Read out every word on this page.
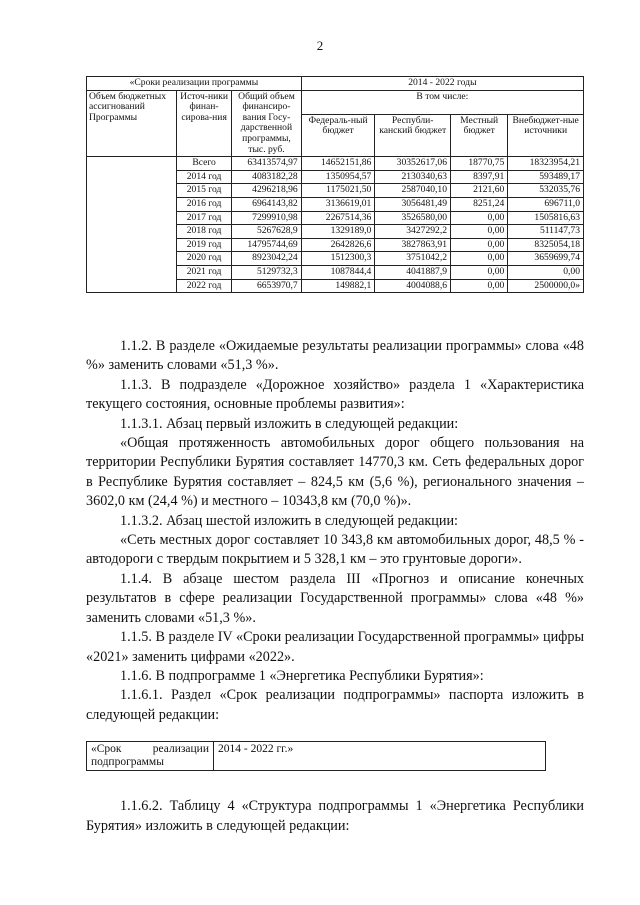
2
«Сроки реализации программы			2014 - 2022 годы			
Объем бюджетных ассигнований Программы	Источ-ники финан-сирова-ния	Общий объем финансиро-вания Госу-дарственной программы, тыс. руб.	В том числе:			
			Федераль-ный бюджет	Республи-канский бюджет	Местный бюджет	Внебюджет-ные источники
	Всего	63413574,97	14652151,86	30352617,06	18770,75	18323954,21
	2014 год	4083182,28	1350954,57	2130340,63	8397,91	593489,17
	2015 год	4296218,96	1175021,50	2587040,10	2121,60	532035,76
	2016 год	6964143,82	3136619,01	3056481,49	8251,24	696711,0
	2017 год	7299910,98	2267514,36	3526580,00	0,00	1505816,63
	2018 год	5267628,9	1329189,0	3427292,2	0,00	511147,73
	2019 год	14795744,69	2642826,6	3827863,91	0,00	8325054,18
	2020 год	8923042,24	1512300,3	3751042,2	0,00	3659699,74
	2021 год	5129732,3	1087844,4	4041887,9	0,00	0,00
	2022 год	6653970,7	149882,1	4004088,6	0,00	2500000,0»

1.1.2. В разделе «Ожидаемые результаты реализации программы» слова «48 %» заменить словами «51,3 %».

1.1.3. В подразделе «Дорожное хозяйство» раздела 1 «Характеристика текущего состояния, основные проблемы развития»:

1.1.3.1. Абзац первый изложить в следующей редакции:

«Общая протяженность автомобильных дорог общего пользования на территории Республики Бурятия составляет 14770,3 км. Сеть федеральных дорог в Республике Бурятия составляет – 824,5 км (5,6 %), регионального значения – 3602,0 км (24,4 %) и местного – 10343,8 км (70,0 %)».

1.1.3.2. Абзац шестой изложить в следующей редакции:

«Сеть местных дорог составляет 10 343,8 км автомобильных дорог, 48,5 % - автодороги с твердым покрытием и 5 328,1 км – это грунтовые дороги».

1.1.4. В абзаце шестом раздела III «Прогноз и описание конечных результатов в сфере реализации Государственной программы» слова «48 %» заменить словами «51,3 %».

1.1.5. В разделе IV «Сроки реализации Государственной программы» цифры «2021» заменить цифрами «2022».

1.1.6. В подпрограмме 1 «Энергетика Республики Бурятия»:

1.1.6.1. Раздел «Срок реализации подпрограммы» паспорта изложить в следующей редакции:

«Срок реализации подпрограммы	2014 - 2022 гг.»

1.1.6.2. Таблицу 4 «Структура подпрограммы 1 «Энергетика Республики Бурятия» изложить в следующей редакции:
